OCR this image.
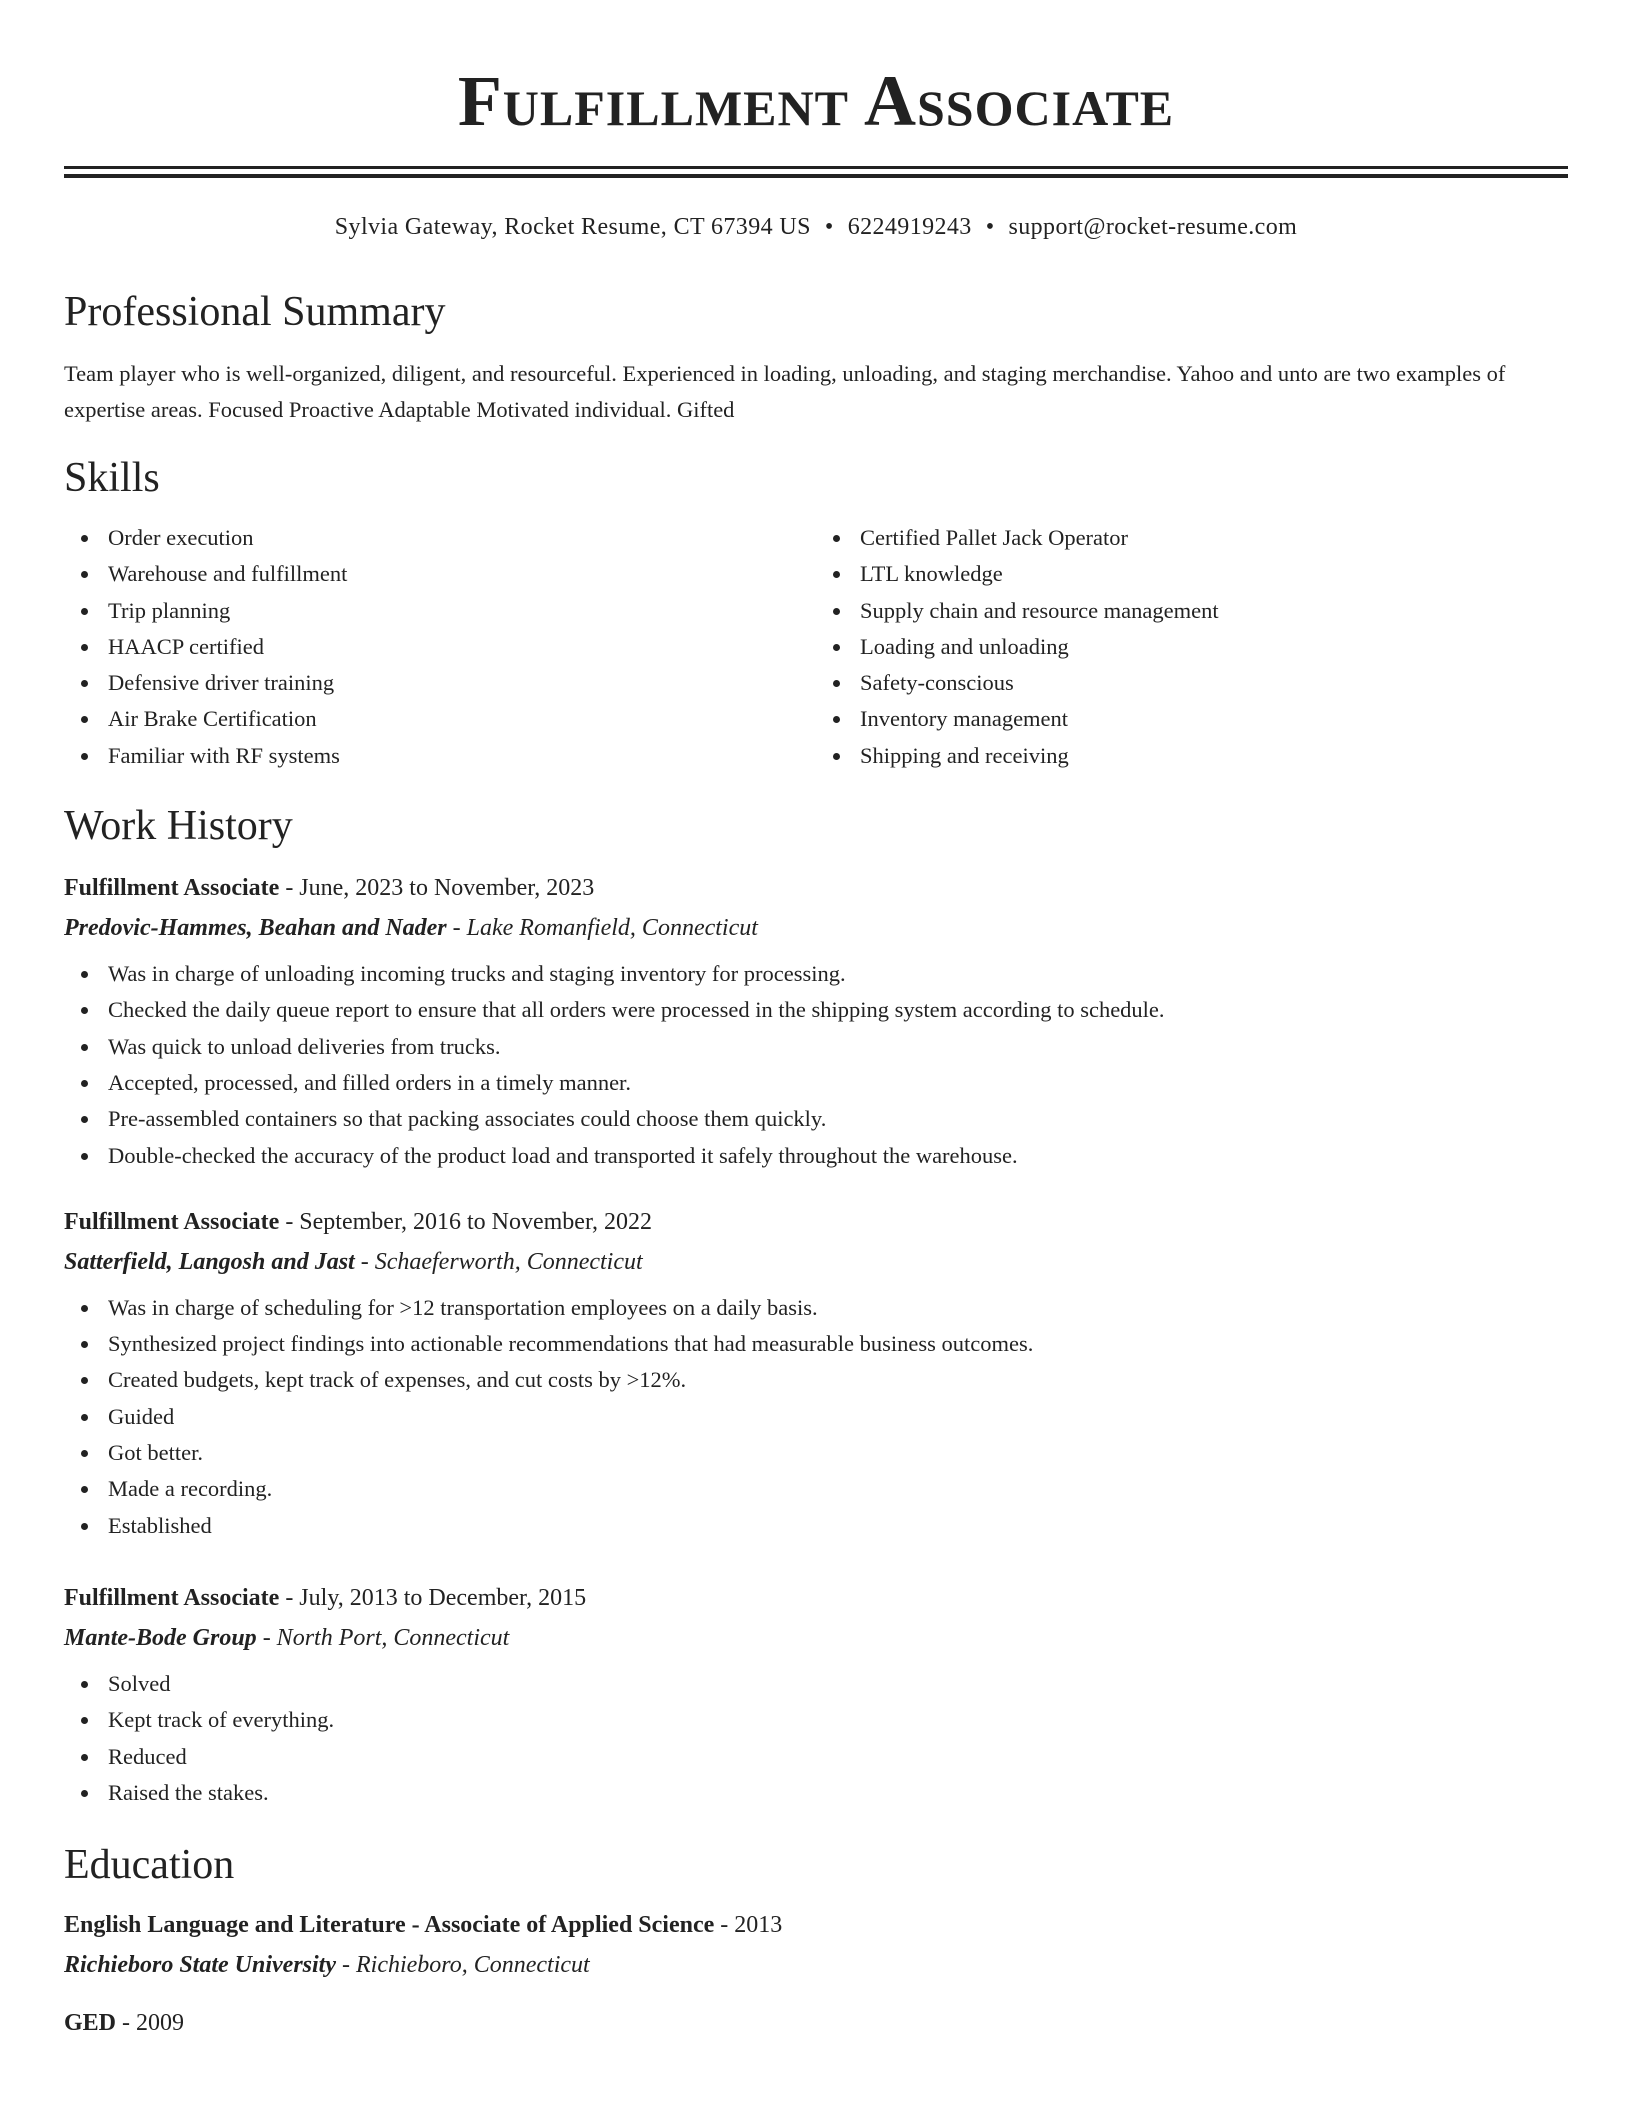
Fulfillment Associate
Sylvia Gateway, Rocket Resume, CT 67394 US • 6224919243 • support@rocket-resume.com
Professional Summary
Team player who is well-organized, diligent, and resourceful. Experienced in loading, unloading, and staging merchandise. Yahoo and unto are two examples of expertise areas. Focused Proactive Adaptable Motivated individual. Gifted
Skills
Order execution
Warehouse and fulfillment
Trip planning
HAACP certified
Defensive driver training
Air Brake Certification
Familiar with RF systems
Certified Pallet Jack Operator
LTL knowledge
Supply chain and resource management
Loading and unloading
Safety-conscious
Inventory management
Shipping and receiving
Work History
Fulfillment Associate - June, 2023 to November, 2023
Predovic-Hammes, Beahan and Nader - Lake Romanfield, Connecticut
Was in charge of unloading incoming trucks and staging inventory for processing.
Checked the daily queue report to ensure that all orders were processed in the shipping system according to schedule.
Was quick to unload deliveries from trucks.
Accepted, processed, and filled orders in a timely manner.
Pre-assembled containers so that packing associates could choose them quickly.
Double-checked the accuracy of the product load and transported it safely throughout the warehouse.
Fulfillment Associate - September, 2016 to November, 2022
Satterfield, Langosh and Jast - Schaeferworth, Connecticut
Was in charge of scheduling for >12 transportation employees on a daily basis.
Synthesized project findings into actionable recommendations that had measurable business outcomes.
Created budgets, kept track of expenses, and cut costs by >12%.
Guided
Got better.
Made a recording.
Established
Fulfillment Associate - July, 2013 to December, 2015
Mante-Bode Group - North Port, Connecticut
Solved
Kept track of everything.
Reduced
Raised the stakes.
Education
English Language and Literature - Associate of Applied Science - 2013
Richieboro State University - Richieboro, Connecticut
GED - 2009
